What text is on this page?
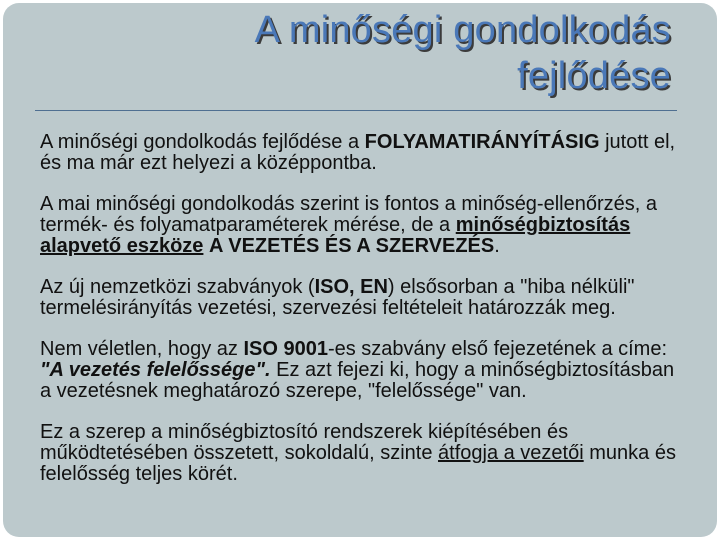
A minőségi gondolkodás
fejlődése

A minőségi gondolkodás fejlődése a FOLYAMATIRÁNYÍTÁSIG jutott el, és ma már ezt helyezi a középpontba.

A mai minőségi gondolkodás szerint is fontos a minőség-ellenőrzés, a termék- és folyamatparaméterek mérése, de a minőségbiztosítás alapvető eszköze A VEZETÉS ÉS A SZERVEZÉS.

Az új nemzetközi szabványok (ISO, EN) elsősorban a "hiba nélküli" termelésirányítás vezetési, szervezési feltételeit határozzák meg.

Nem véletlen, hogy az ISO 9001-es szabvány első fejezetének a címe: "A vezetés felelőssége". Ez azt fejezi ki, hogy a minőségbiztosításban a vezetésnek meghatározó szerepe, "felelőssége" van.

Ez a szerep a minőségbiztosító rendszerek kiépítésében és működtetésében összetett, sokoldalú, szinte átfogja a vezetői munka és felelősség teljes körét.
